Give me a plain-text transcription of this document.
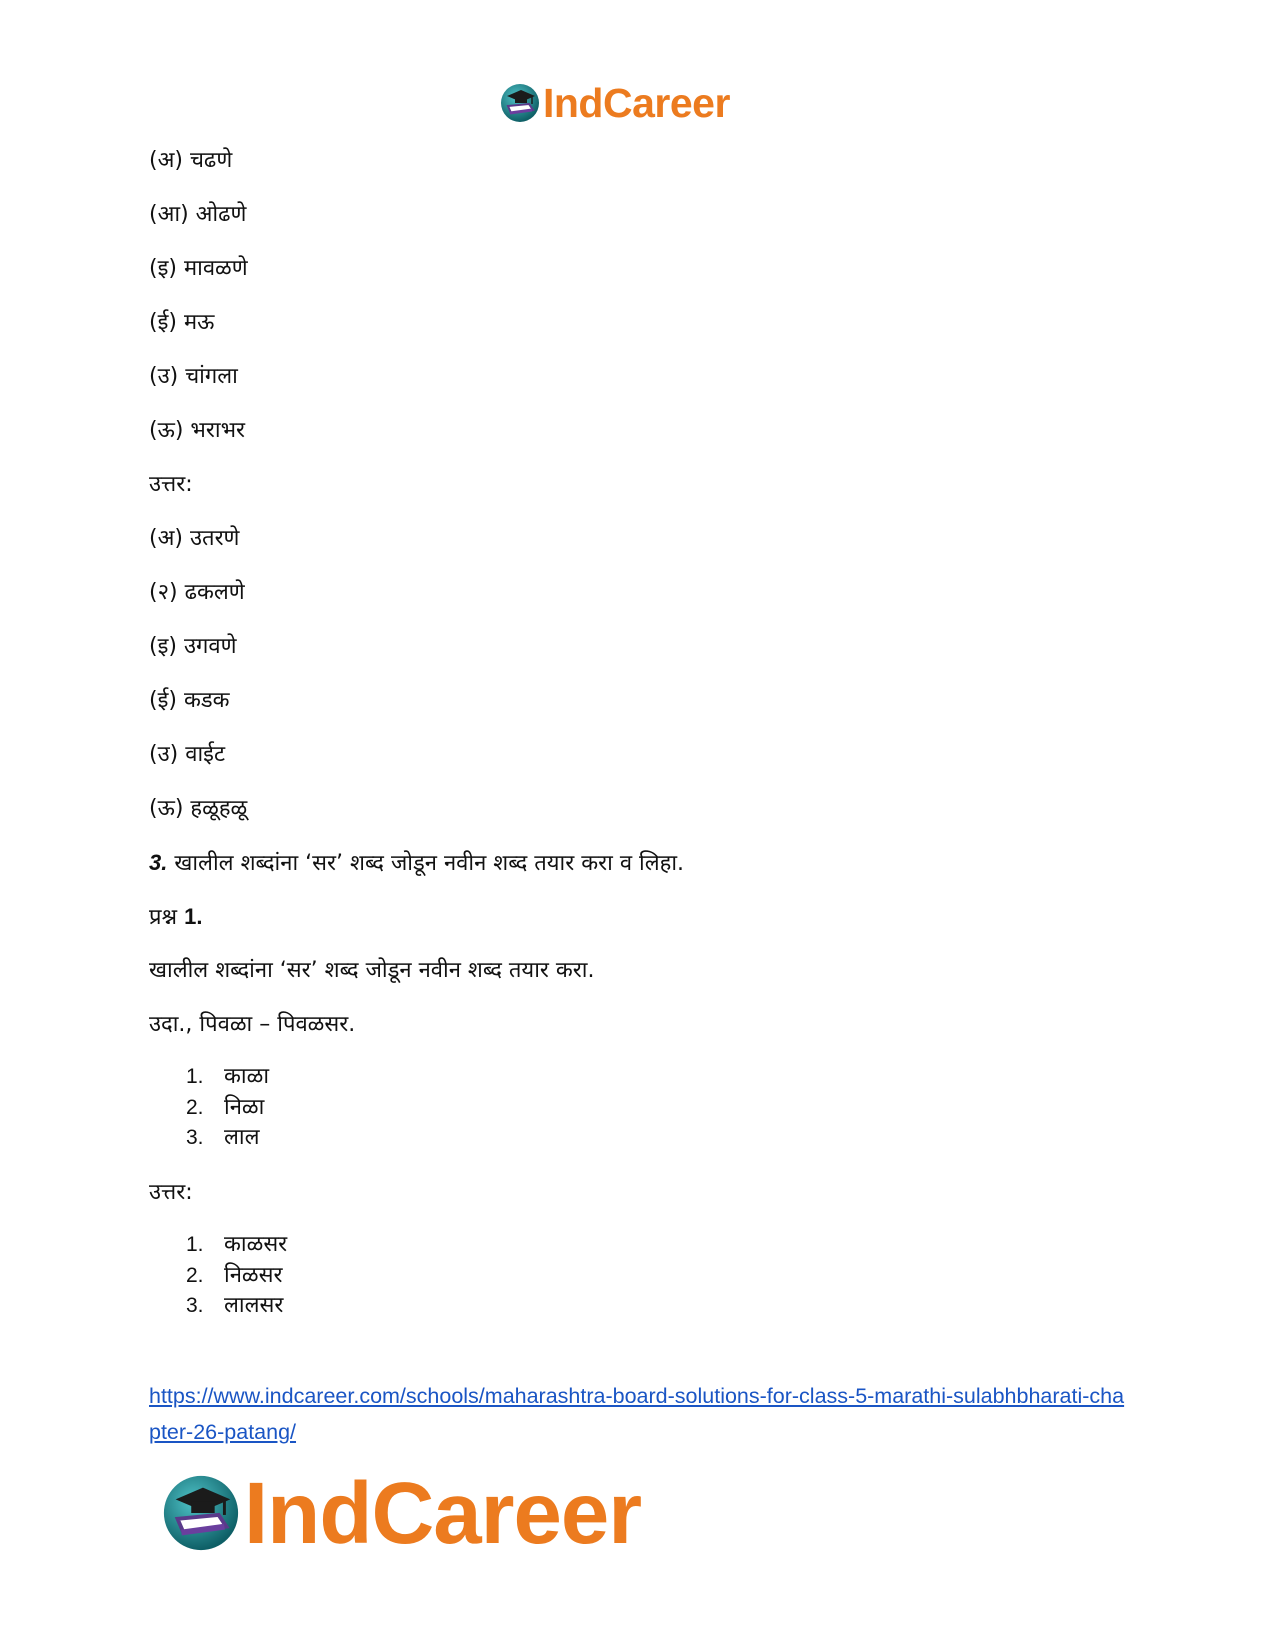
IndCareer
(अ) चढणे
(आ) ओढणे
(इ) मावळणे
(ई) मऊ
(उ) चांगला
(ऊ) भराभर
उत्तर:
(अ) उतरणे
(२) ढकलणे
(इ) उगवणे
(ई) कडक
(उ) वाईट
(ऊ) हळूहळू
3. खालील शब्दांना ‘सर’ शब्द जोडून नवीन शब्द तयार करा व लिहा.
प्रश्न 1.
खालील शब्दांना ‘सर’ शब्द जोडून नवीन शब्द तयार करा.
उदा., पिवळा – पिवळसर.
1. काळा
2. निळा
3. लाल
उत्तर:
1. काळसर
2. निळसर
3. लालसर
https://www.indcareer.com/schools/maharashtra-board-solutions-for-class-5-marathi-sulabhbharati-chapter-26-patang/
IndCareer
